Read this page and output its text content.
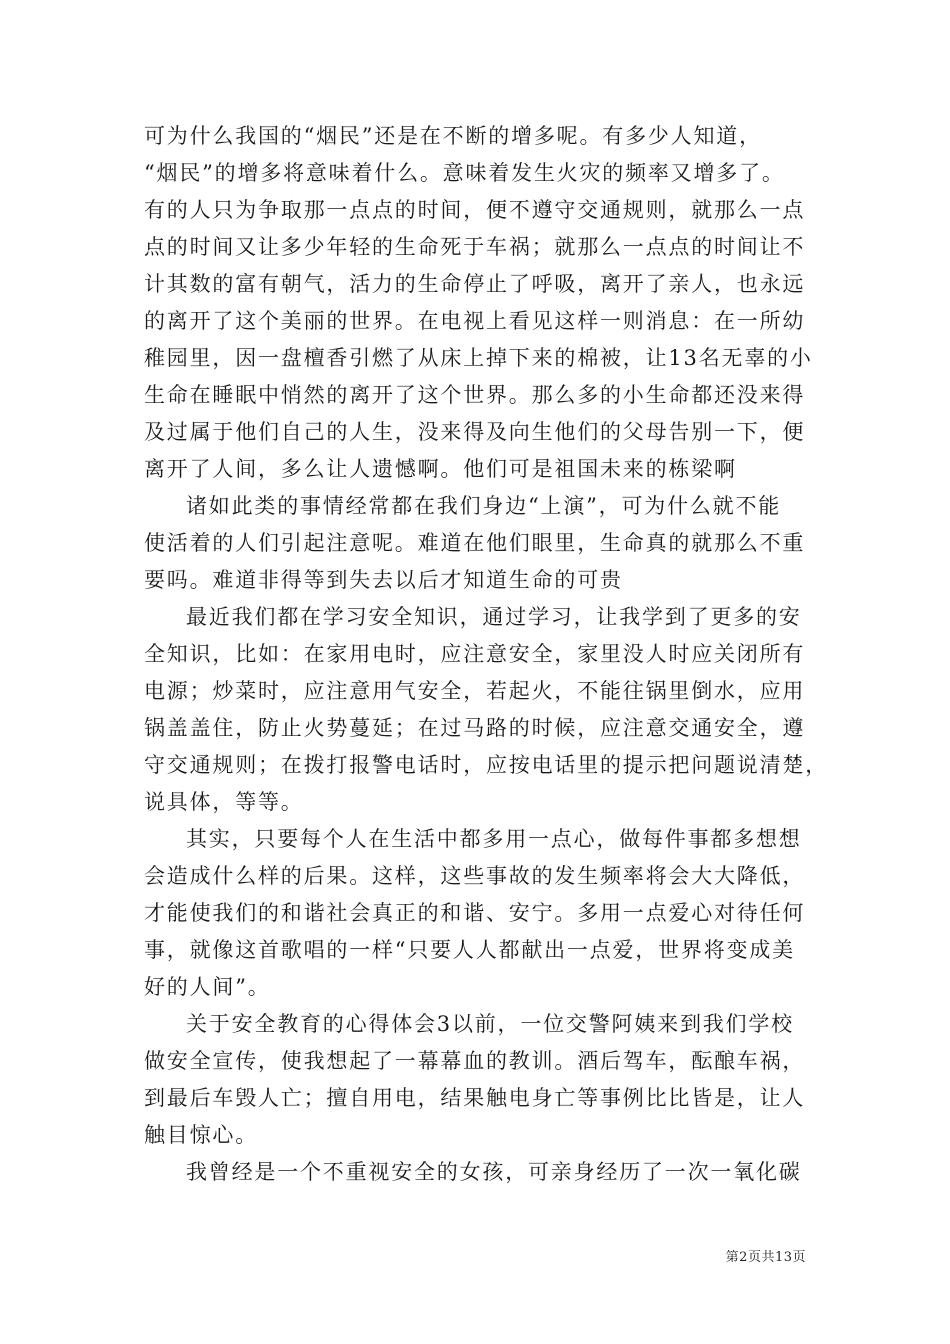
可为什么我国的“烟民”还是在不断的增多呢。有多少人知道，
“烟民”的增多将意味着什么。意味着发生火灾的频率又增多了。
有的人只为争取那一点点的时间，便不遵守交通规则，就那么一点
点的时间又让多少年轻的生命死于车祸；就那么一点点的时间让不
计其数的富有朝气，活力的生命停止了呼吸，离开了亲人，也永远
的离开了这个美丽的世界。在电视上看见这样一则消息：在一所幼
稚园里，因一盘檀香引燃了从床上掉下来的棉被，让13名无辜的小
生命在睡眠中悄然的离开了这个世界。那么多的小生命都还没来得
及过属于他们自己的人生，没来得及向生他们的父母告别一下，便
离开了人间，多么让人遗憾啊。他们可是祖国未来的栋梁啊
诸如此类的事情经常都在我们身边“上演”，可为什么就不能
使活着的人们引起注意呢。难道在他们眼里，生命真的就那么不重
要吗。难道非得等到失去以后才知道生命的可贵
最近我们都在学习安全知识，通过学习，让我学到了更多的安
全知识，比如：在家用电时，应注意安全，家里没人时应关闭所有
电源；炒菜时，应注意用气安全，若起火，不能往锅里倒水，应用
锅盖盖住，防止火势蔓延；在过马路的时候，应注意交通安全，遵
守交通规则；在拨打报警电话时，应按电话里的提示把问题说清楚，
说具体，等等。
其实，只要每个人在生活中都多用一点心，做每件事都多想想
会造成什么样的后果。这样，这些事故的发生频率将会大大降低，
才能使我们的和谐社会真正的和谐、安宁。多用一点爱心对待任何
事，就像这首歌唱的一样“只要人人都献出一点爱，世界将变成美
好的人间”。
关于安全教育的心得体会3以前，一位交警阿姨来到我们学校
做安全宣传，使我想起了一幕幕血的教训。酒后驾车，酝酿车祸，
到最后车毁人亡；擅自用电，结果触电身亡等事例比比皆是，让人
触目惊心。
我曾经是一个不重视安全的女孩，可亲身经历了一次一氧化碳
第2页共13页
